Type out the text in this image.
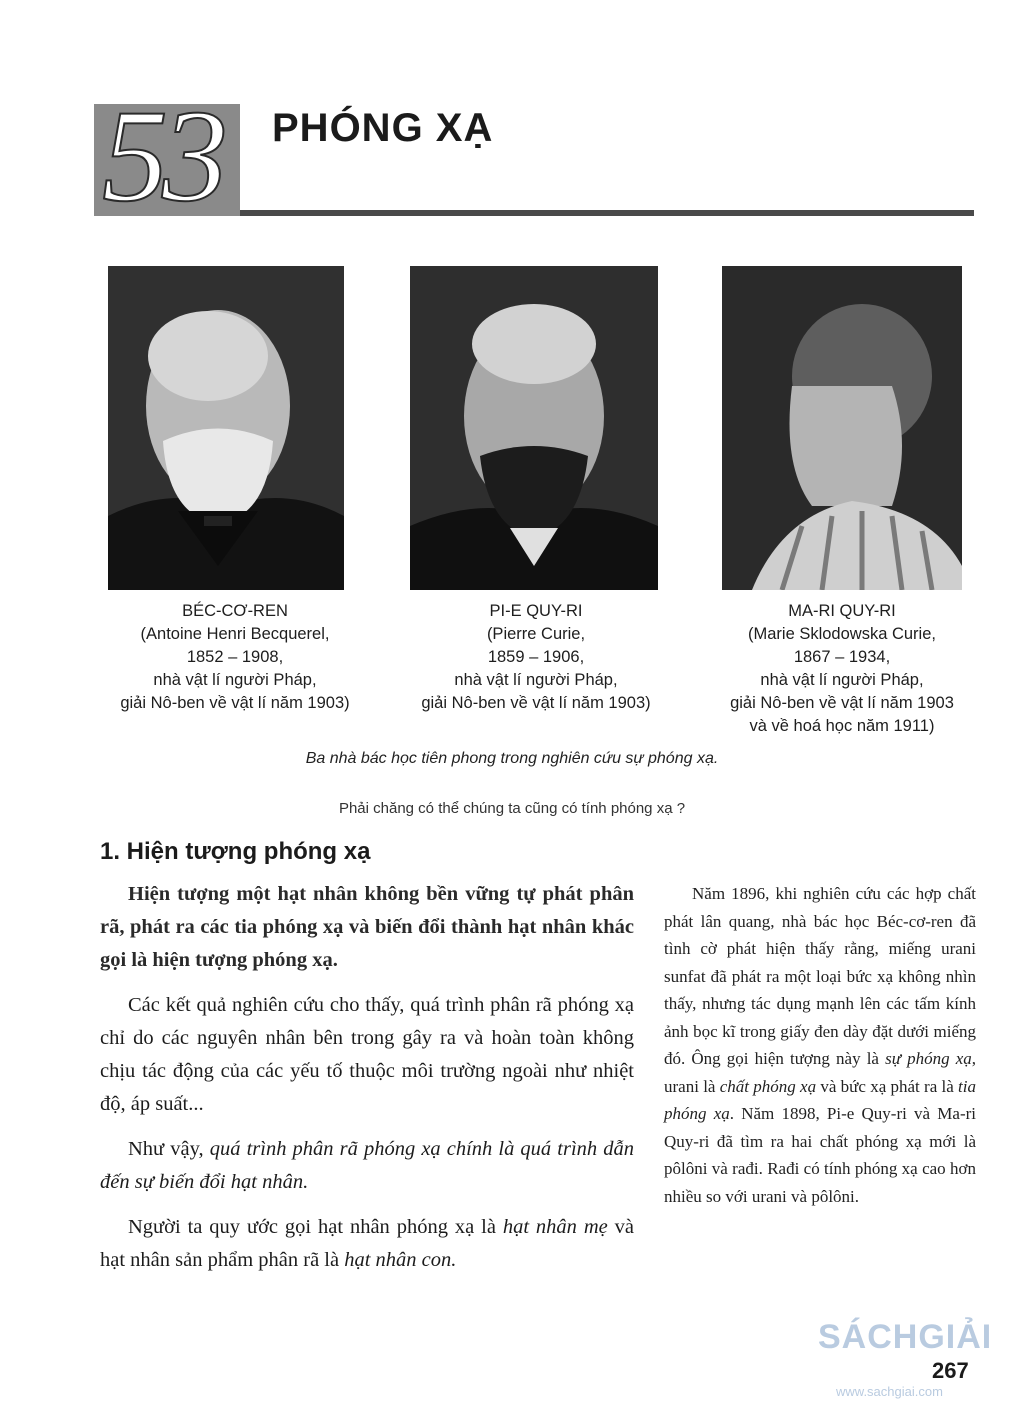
53 PHÓNG XẠ
BÉC-CƠ-REN
(Antoine Henri Becquerel,
1852 – 1908,
nhà vật lí người Pháp,
giải Nô-ben về vật lí năm 1903)
PI-E QUY-RI
(Pierre Curie,
1859 – 1906,
nhà vật lí người Pháp,
giải Nô-ben về vật lí năm 1903)
MA-RI QUY-RI
(Marie Sklodowska Curie,
1867 – 1934,
nhà vật lí người Pháp,
giải Nô-ben về vật lí năm 1903
và về hoá học năm 1911)
Ba nhà bác học tiên phong trong nghiên cứu sự phóng xạ.
Phải chăng có thể chúng ta cũng có tính phóng xạ ?
1. Hiện tượng phóng xạ

Hiện tượng một hạt nhân không bền vững tự phát phân rã, phát ra các tia phóng xạ và biến đổi thành hạt nhân khác gọi là hiện tượng phóng xạ.

Các kết quả nghiên cứu cho thấy, quá trình phân rã phóng xạ chỉ do các nguyên nhân bên trong gây ra và hoàn toàn không chịu tác động của các yếu tố thuộc môi trường ngoài như nhiệt độ, áp suất...

Như vậy, quá trình phân rã phóng xạ chính là quá trình dẫn đến sự biến đổi hạt nhân.

Người ta quy ước gọi hạt nhân phóng xạ là hạt nhân mẹ và hạt nhân sản phẩm phân rã là hạt nhân con.

Năm 1896, khi nghiên cứu các hợp chất phát lân quang, nhà bác học Béc-cơ-ren đã tình cờ phát hiện thấy rằng, miếng urani sunfat đã phát ra một loại bức xạ không nhìn thấy, nhưng tác dụng mạnh lên các tấm kính ảnh bọc kĩ trong giấy đen dày đặt dưới miếng đó. Ông gọi hiện tượng này là sự phóng xạ, urani là chất phóng xạ và bức xạ phát ra là tia phóng xạ. Năm 1898, Pi-e Quy-ri và Ma-ri Quy-ri đã tìm ra hai chất phóng xạ mới là pôlôni và rađi. Rađi có tính phóng xạ cao hơn nhiều so với urani và pôlôni.

SÁCHGIẢI
267
www.sachgiai.com
